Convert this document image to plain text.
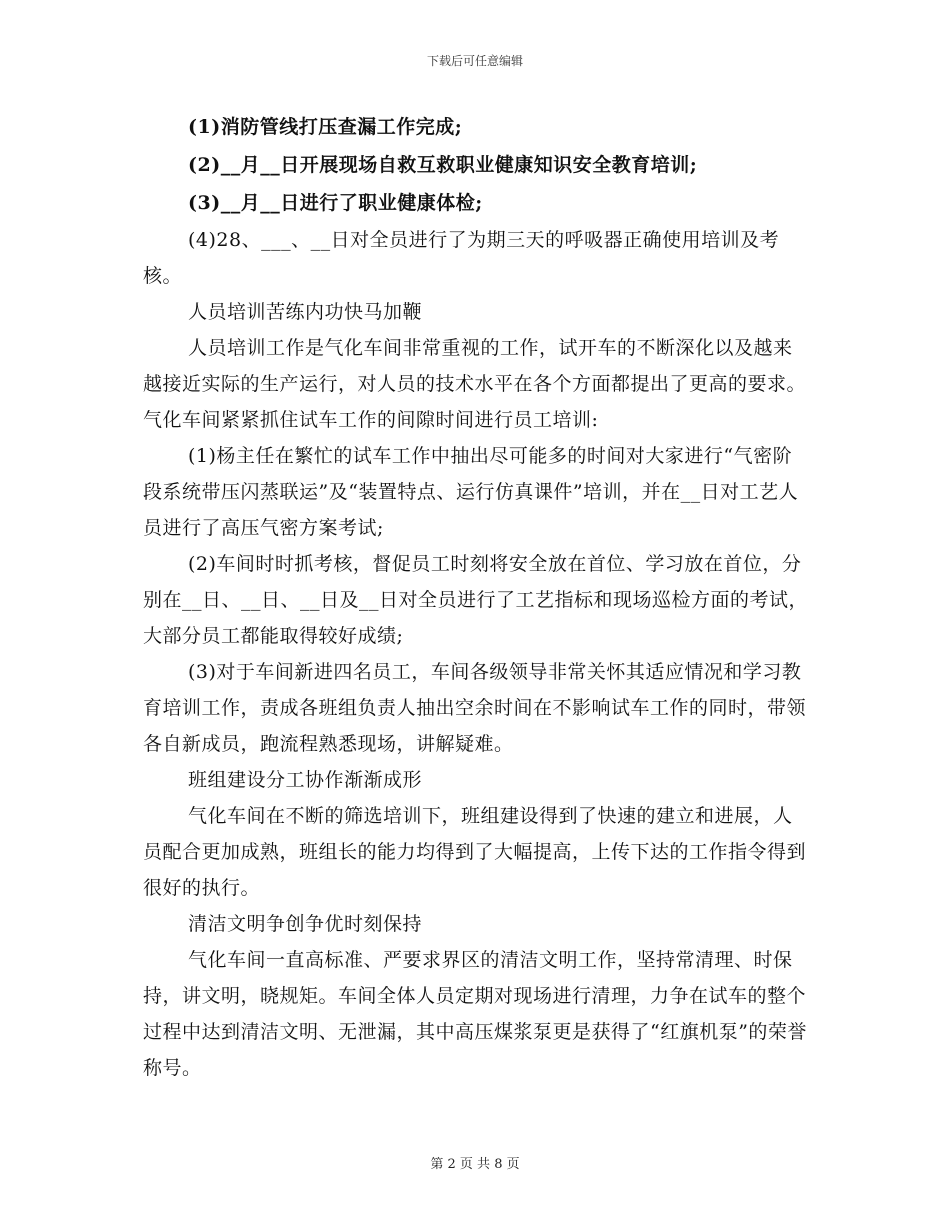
下载后可任意编辑

(1)消防管线打压查漏工作完成;

(2)__月__日开展现场自救互救职业健康知识安全教育培训;

(3)__月__日进行了职业健康体检;

(4)28、___、__日对全员进行了为期三天的呼吸器正确使用培训及考核。

人员培训苦练内功快马加鞭

人员培训工作是气化车间非常重视的工作，试开车的不断深化以及越来越接近实际的生产运行，对人员的技术水平在各个方面都提出了更高的要求。气化车间紧紧抓住试车工作的间隙时间进行员工培训:

(1)杨主任在繁忙的试车工作中抽出尽可能多的时间对大家进行“气密阶段系统带压闪蒸联运”及“装置特点、运行仿真课件”培训，并在__日对工艺人员进行了高压气密方案考试;

(2)车间时时抓考核，督促员工时刻将安全放在首位、学习放在首位，分别在__日、__日、__日及__日对全员进行了工艺指标和现场巡检方面的考试，大部分员工都能取得较好成绩;

(3)对于车间新进四名员工，车间各级领导非常关怀其适应情况和学习教育培训工作，责成各班组负责人抽出空余时间在不影响试车工作的同时，带领各自新成员，跑流程熟悉现场，讲解疑难。

班组建设分工协作渐渐成形

气化车间在不断的筛选培训下，班组建设得到了快速的建立和进展，人员配合更加成熟，班组长的能力均得到了大幅提高，上传下达的工作指令得到很好的执行。

清洁文明争创争优时刻保持

气化车间一直高标准、严要求界区的清洁文明工作，坚持常清理、时保持，讲文明，晓规矩。车间全体人员定期对现场进行清理，力争在试车的整个过程中达到清洁文明、无泄漏，其中高压煤浆泵更是获得了“红旗机泵”的荣誉称号。

第 2 页 共 8 页
